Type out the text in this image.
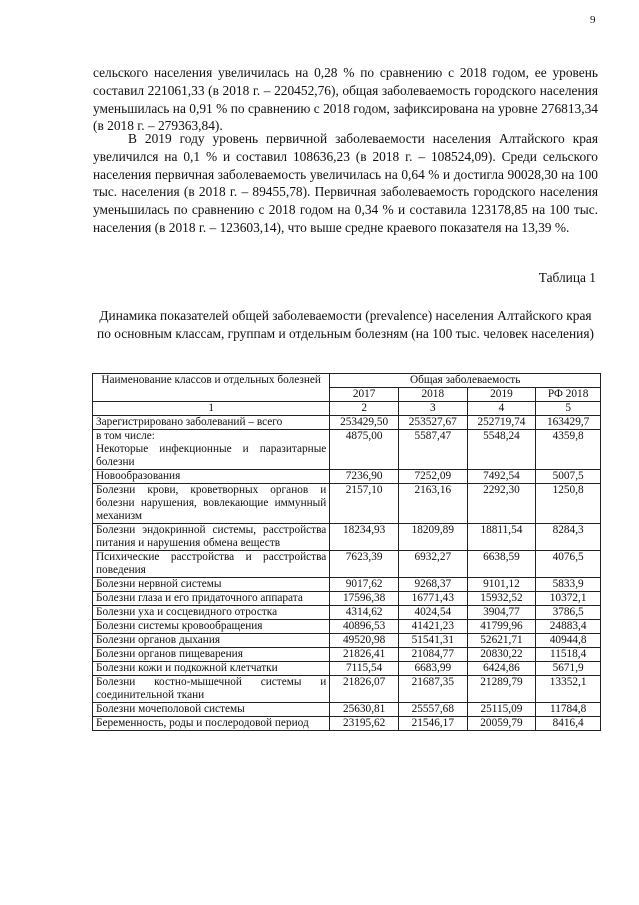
9

сельского населения увеличилась на 0,28 % по сравнению с 2018 годом, ее уровень составил 221061,33 (в 2018 г. – 220452,76), общая заболеваемость городского населения уменьшилась на 0,91 % по сравнению с 2018 годом, зафиксирована на уровне 276813,34 (в 2018 г. – 279363,84).

В 2019 году уровень первичной заболеваемости населения Алтайского края увеличился на 0,1 % и составил 108636,23 (в 2018 г. – 108524,09). Среди сельского населения первичная заболеваемость увеличилась на 0,64 % и достигла 90028,30 на 100 тыс. населения (в 2018 г. – 89455,78). Первичная заболеваемость городского населения уменьшилась по сравнению с 2018 годом на 0,34 % и составила 123178,85 на 100 тыс. населения (в 2018 г. – 123603,14), что выше средне краевого показателя на 13,39 %.

Таблица 1

Динамика показателей общей заболеваемости (prevalence) населения Алтайского края по основным классам, группам и отдельным болезням (на 100 тыс. человек населения)

Наименование классов и отдельных болезней	Общая заболеваемость			
	2017	2018	2019	РФ 2018
1	2	3	4	5
Зарегистрировано заболеваний – всего	253429,50	253527,67	252719,74	163429,7
в том числе:
Некоторые инфекционные и паразитарные болезни	4875,00	5587,47	5548,24	4359,8
Новообразования	7236,90	7252,09	7492,54	5007,5
Болезни крови, кроветворных органов и болезни нарушения, вовлекающие иммунный механизм	2157,10	2163,16	2292,30	1250,8
Болезни эндокринной системы, расстройства питания и нарушения обмена веществ	18234,93	18209,89	18811,54	8284,3
Психические расстройства и расстройства поведения	7623,39	6932,27	6638,59	4076,5
Болезни нервной системы	9017,62	9268,37	9101,12	5833,9
Болезни глаза и его придаточного аппарата	17596,38	16771,43	15932,52	10372,1
Болезни уха и сосцевидного отростка	4314,62	4024,54	3904,77	3786,5
Болезни системы кровообращения	40896,53	41421,23	41799,96	24883,4
Болезни органов дыхания	49520,98	51541,31	52621,71	40944,8
Болезни органов пищеварения	21826,41	21084,77	20830,22	11518,4
Болезни кожи и подкожной клетчатки	7115,54	6683,99	6424,86	5671,9
Болезни костно-мышечной системы и соединительной ткани	21826,07	21687,35	21289,79	13352,1
Болезни мочеполовой системы	25630,81	25557,68	25115,09	11784,8
Беременность, роды и послеродовой период	23195,62	21546,17	20059,79	8416,4
